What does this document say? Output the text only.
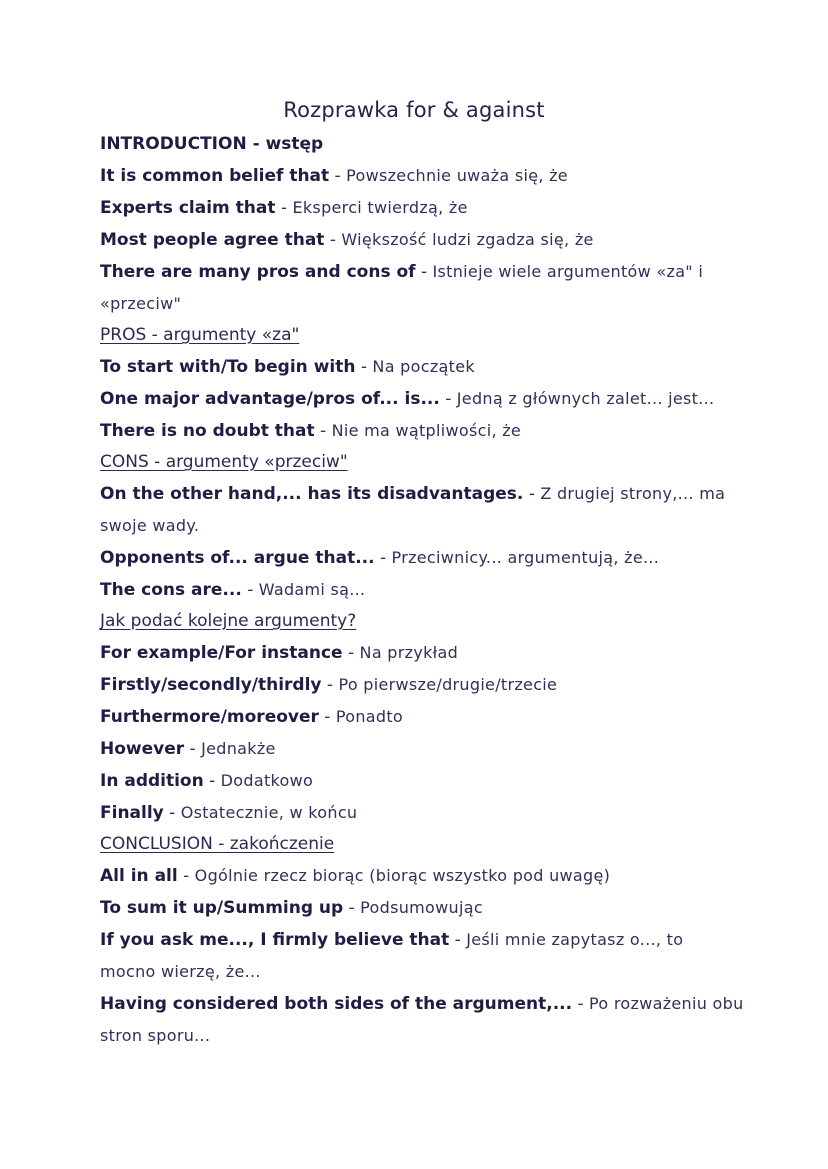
Rozprawka for & against
INTRODUCTION - wstęp
It is common belief that - Powszechnie uważa się, że
Experts claim that - Eksperci twierdzą, że
Most people agree that - Większość ludzi zgadza się, że
There are many pros and cons of - Istnieje wiele argumentów «za" i
«przeciw"
PROS - argumenty «za"
To start with/To begin with - Na początek
One major advantage/pros of... is... - Jedną z głównych zalet... jest...
There is no doubt that - Nie ma wątpliwości, że
CONS - argumenty «przeciw"
On the other hand,... has its disadvantages. - Z drugiej strony,... ma
swoje wady.
Opponents of... argue that... - Przeciwnicy... argumentują, że...
The cons are... - Wadami są...
Jak podać kolejne argumenty?
For example/For instance - Na przykład
Firstly/secondly/thirdly - Po pierwsze/drugie/trzecie
Furthermore/moreover - Ponadto
However - Jednakże
In addition - Dodatkowo
Finally - Ostatecznie, w końcu
CONCLUSION - zakończenie
All in all - Ogólnie rzecz biorąc (biorąc wszystko pod uwagę)
To sum it up/Summing up - Podsumowując
If you ask me..., I firmly believe that - Jeśli mnie zapytasz o..., to
mocno wierzę, że...
Having considered both sides of the argument,... - Po rozważeniu obu
stron sporu...
